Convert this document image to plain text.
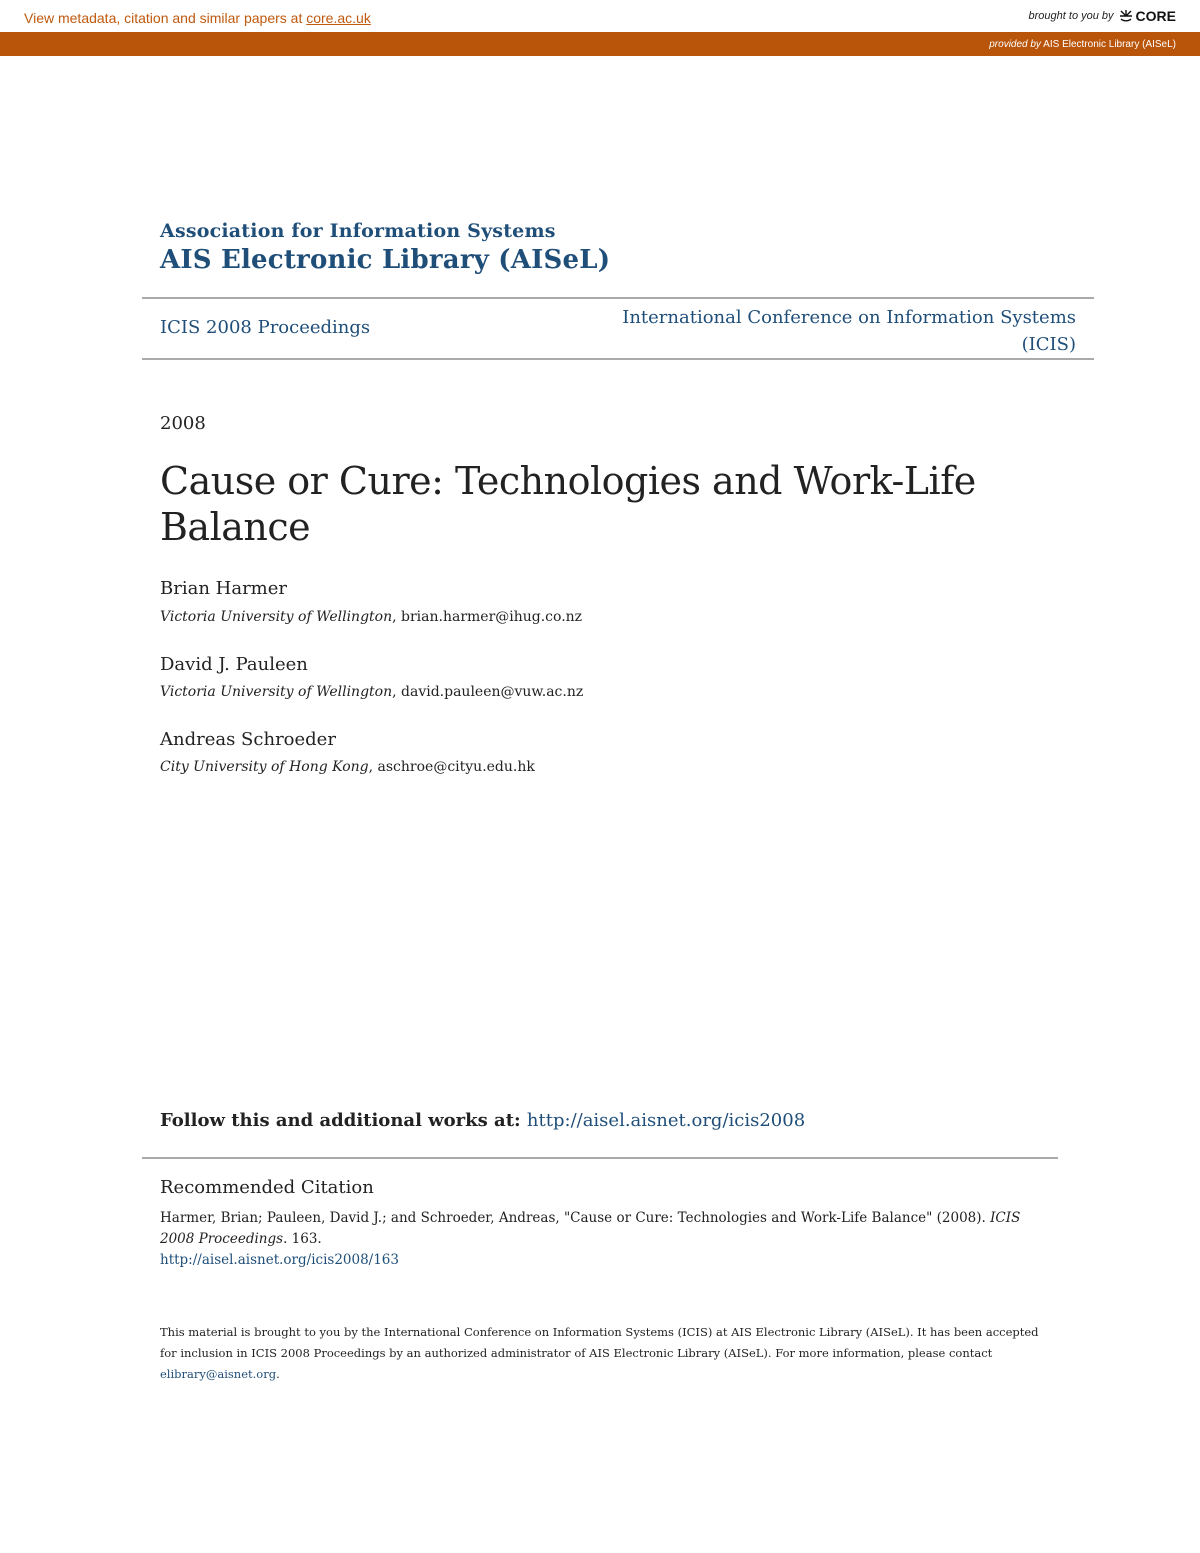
View metadata, citation and similar papers at core.ac.uk	brought to you by CORE
provided by AIS Electronic Library (AISeL)
Association for Information Systems
AIS Electronic Library (AISeL)
ICIS 2008 Proceedings	International Conference on Information Systems
(ICIS)
2008
Cause or Cure: Technologies and Work-Life Balance
Brian Harmer
Victoria University of Wellington, brian.harmer@ihug.co.nz
David J. Pauleen
Victoria University of Wellington, david.pauleen@vuw.ac.nz
Andreas Schroeder
City University of Hong Kong, aschroe@cityu.edu.hk
Follow this and additional works at: http://aisel.aisnet.org/icis2008
Recommended Citation
Harmer, Brian; Pauleen, David J.; and Schroeder, Andreas, "Cause or Cure: Technologies and Work-Life Balance" (2008). ICIS 2008 Proceedings. 163.
http://aisel.aisnet.org/icis2008/163
This material is brought to you by the International Conference on Information Systems (ICIS) at AIS Electronic Library (AISeL). It has been accepted for inclusion in ICIS 2008 Proceedings by an authorized administrator of AIS Electronic Library (AISeL). For more information, please contact elibrary@aisnet.org.
